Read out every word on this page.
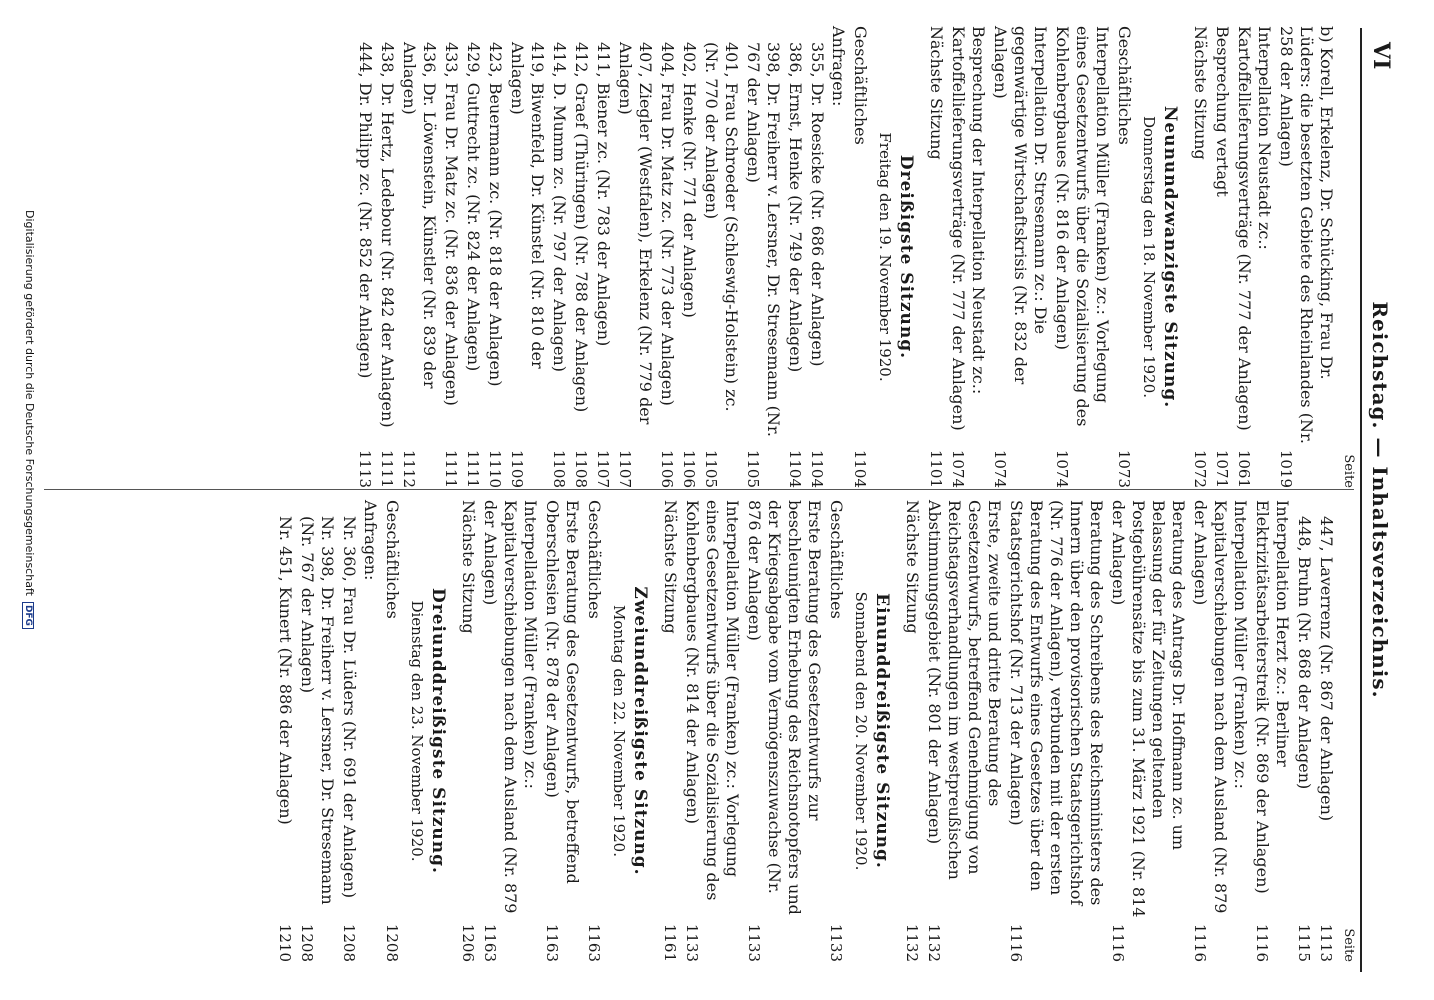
VI
Reichstag. — Inhaltsverzeichnis.
Seite
b) Korell, Erkelenz, Dr. Schücking, Frau Dr. Lüders: die besetzten Gebiete des Rheinlandes (Nr. 258 der Anlagen)
1019
Interpellation Neustadt zc.: Kartoffellieferungsverträge (Nr. 777 der Anlagen)
1061
Besprechung vertagt
1071
Nächste Sitzung
1072
Neunundzwanzigste Sitzung.
Donnerstag den 18. November 1920.
Geschäftliches
1073
Interpellation Müller (Franken) zc.: Vorlegung eines Gesetzentwurfs über die Sozialisierung des Kohlenbergbaues (Nr. 816 der Anlagen)
1074
Interpellation Dr. Stresemann zc.: Die gegenwärtige Wirtschaftskrisis (Nr. 832 der Anlagen)
1074
Besprechung der Interpellation Neustadt zc.: Kartoffellieferungsverträge (Nr. 777 der Anlagen)
1074
Nächste Sitzung
1101
Dreißigste Sitzung.
Freitag den 19. November 1920.
Geschäftliches
1104
Anfragen:
355, Dr. Roesicke (Nr. 686 der Anlagen)
1104
386, Ernst, Henke (Nr. 749 der Anlagen)
1104
398, Dr. Freiherr v. Lersner, Dr. Stresemann (Nr. 767 der Anlagen)
1105
401, Frau Schroeder (Schleswig-Holstein) zc. (Nr. 770 der Anlagen)
1105
402, Henke (Nr. 771 der Anlagen)
1106
404, Frau Dr. Matz zc. (Nr. 773 der Anlagen)
1106
407, Ziegler (Westfalen), Erkelenz (Nr. 779 der Anlagen)
1107
411, Biener zc. (Nr. 783 der Anlagen)
1107
412, Graef (Thüringen) (Nr. 788 der Anlagen)
1108
414, D. Mumm zc. (Nr. 797 der Anlagen)
1108
419, Biwenfeld, Dr. Künstel (Nr. 810 der Anlagen)
1109
423, Beuermann zc. (Nr. 818 der Anlagen)
1110
429, Guttrecht zc. (Nr. 824 der Anlagen)
1111
433, Frau Dr. Matz zc. (Nr. 836 der Anlagen)
1111
436, Dr. Löwenstein, Künstler (Nr. 839 der Anlagen)
1112
438, Dr. Hertz, Ledebour (Nr. 842 der Anlagen)
1111
444, Dr. Philipp zc. (Nr. 852 der Anlagen)
1113
Seite
447, Laverrenz (Nr. 867 der Anlagen)
1113
448, Bruhn (Nr. 868 der Anlagen)
1115
Interpellation Herzt zc.: Berliner Elektrizitätsarbeiterstreik (Nr. 869 der Anlagen)
1116
Interpellation Müller (Franken) zc.: Kapitalverschiebungen nach dem Ausland (Nr. 879 der Anlagen)
1116
Beratung des Antrags Dr. Hoffmann zc. um Belassung der für Zeitungen geltenden Postgebührensätze bis zum 31. März 1921 (Nr. 814 der Anlagen)
1116
Beratung des Schreibens des Reichsministers des Innern über den provisorischen Staatsgerichtshof (Nr. 776 der Anlagen), verbunden mit der ersten Beratung des Entwurfs eines Gesetzes über den Staatsgerichtshof (Nr. 713 der Anlagen)
1116
Erste, zweite und dritte Beratung des Gesetzentwurfs, betreffend Genehmigung von Reichstagsverhandlungen im westpreußischen Abstimmungsgebiet (Nr. 801 der Anlagen)
1132
Nächste Sitzung
1132
Einunddreißigste Sitzung.
Sonnabend den 20. November 1920.
Geschäftliches
1133
Erste Beratung des Gesetzentwurfs zur beschleunigten Erhebung des Reichsnotopfers und der Kriegsabgabe vom Vermögenszuwachse (Nr. 876 der Anlagen)
1133
Interpellation Müller (Franken) zc.: Vorlegung eines Gesetzentwurfs über die Sozialisierung des Kohlenbergbaues (Nr. 814 der Anlagen)
1133
Nächste Sitzung
1161
Zweiunddreißigste Sitzung.
Montag den 22. November 1920.
Geschäftliches
1163
Erste Beratung des Gesetzentwurfs, betreffend Oberschlesien (Nr. 878 der Anlagen)
1163
Interpellation Müller (Franken) zc.: Kapitalverschiebungen nach dem Ausland (Nr. 879 der Anlagen)
1163
Nächste Sitzung
1206
Dreiunddreißigste Sitzung.
Dienstag den 23. November 1920.
Geschäftliches
1208
Anfragen:
Nr. 360, Frau Dr. Lüders (Nr. 691 der Anlagen)
1208
Nr. 398, Dr. Freiherr v. Lersner, Dr. Stresemann (Nr. 767 der Anlagen)
1208
Nr. 451, Kunert (Nr. 886 der Anlagen)
1210
Digitalisierung gefördert durch die Deutsche ForschungsgemeinschaftDFG
